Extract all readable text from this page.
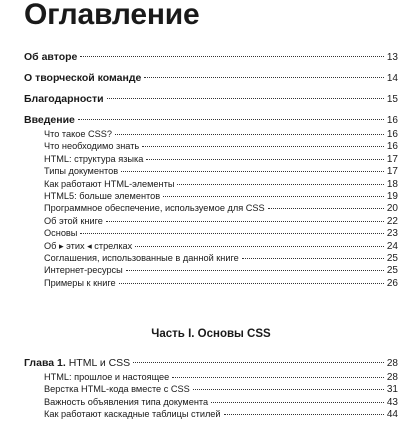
Оглавление
Об авторе	13
О творческой команде	14
Благодарности	15
Введение	16
Что такое CSS?	16
Что необходимо знать	16
HTML: структура языка	17
Типы документов	17
Как работают HTML-элементы	18
HTML5: больше элементов	19
Программное обеспечение, используемое для CSS	20
Об этой книге	22
Основы	23
Об ▸ этих ◂ стрелках	24
Соглашения, использованные в данной книге	25
Интернет-ресурсы	25
Примеры к книге	26
Часть I. Основы CSS
Глава 1. HTML и CSS	28
HTML: прошлое и настоящее	28
Верстка HTML-кода вместе с CSS	31
Важность объявления типа документа	43
Как работают каскадные таблицы стилей	44
